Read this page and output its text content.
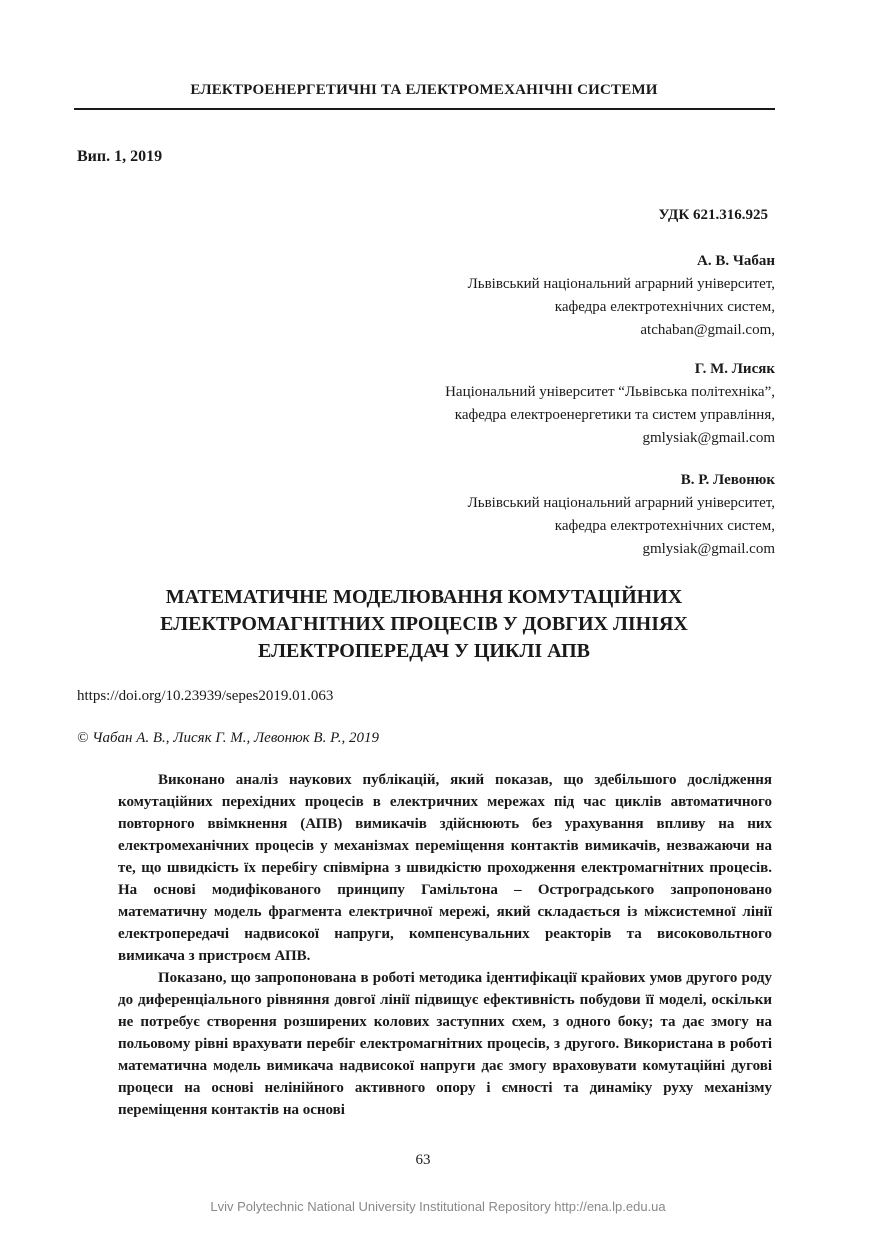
ЕЛЕКТРОЕНЕРГЕТИЧНІ ТА ЕЛЕКТРОМЕХАНІЧНІ СИСТЕМИ
Вип. 1, 2019
УДК 621.316.925
А. В. Чабан
Львівський національний аграрний університет,
кафедра електротехнічних систем,
atchaban@gmail.com,
Г. М. Лисяк
Національний університет “Львівська політехніка”,
кафедра електроенергетики та систем управління,
gmlysiak@gmail.com
В. Р. Левонюк
Львівський національний аграрний університет,
кафедра електротехнічних систем,
gmlysiak@gmail.com
МАТЕМАТИЧНЕ МОДЕЛЮВАННЯ КОМУТАЦІЙНИХ
ЕЛЕКТРОМАГНІТНИХ ПРОЦЕСІВ У ДОВГИХ ЛІНІЯХ
ЕЛЕКТРОПЕРЕДАЧ У ЦИКЛІ АПВ
https://doi.org/10.23939/sepes2019.01.063
© Чабан А. В., Лисяк Г. М., Левонюк В. Р., 2019

Виконано аналіз наукових публікацій, який показав, що здебільшого дослідження комутаційних перехідних процесів в електричних мережах під час циклів автоматичного повторного ввімкнення (АПВ) вимикачів здійснюють без урахування впливу на них електромеханічних процесів у механізмах переміщення контактів вимикачів, незважаючи на те, що швидкість їх перебігу співмірна з швидкістю проходження електромагнітних процесів. На основі модифікованого принципу Гамільтона – Остроградського запропоновано математичну модель фрагмента електричної мережі, який складається із міжсистемної лінії електропередачі надвисокої напруги, компенсувальних реакторів та високовольтного вимикача з пристроєм АПВ.

Показано, що запропонована в роботі методика ідентифікації крайових умов другого роду до диференціального рівняння довгої лінії підвищує ефективність побудови її моделі, оскільки не потребує створення розширених колових заступних схем, з одного боку; та дає змогу на польовому рівні врахувати перебіг електромагнітних процесів, з другого. Використана в роботі математична модель вимикача надвисокої напруги дає змогу враховувати комутаційні дугові процеси на основі нелінійного активного опору і ємності та динаміку руху механізму переміщення контактів на основі

63
Lviv Polytechnic National University Institutional Repository http://ena.lp.edu.ua
